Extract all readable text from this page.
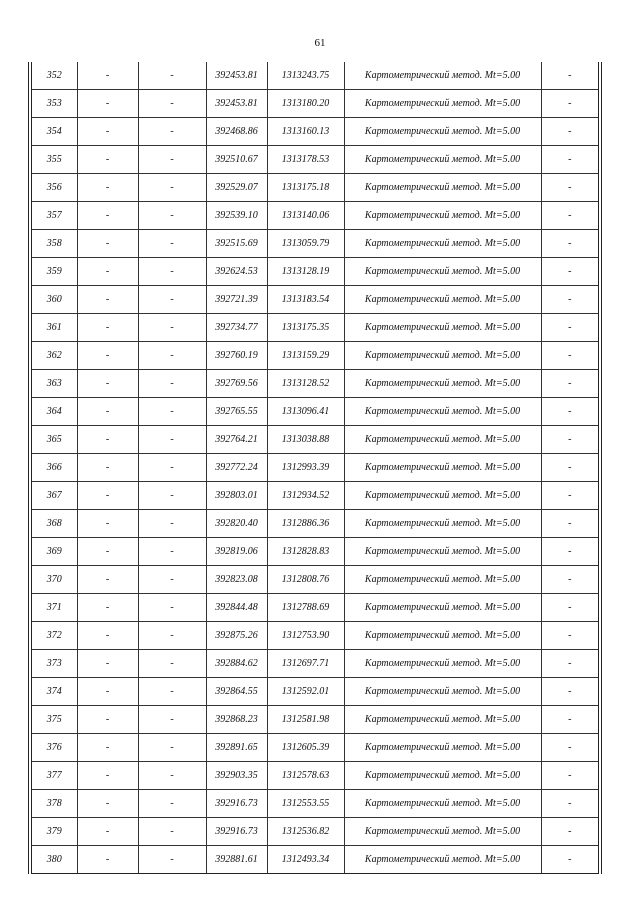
61
352	-	-	392453.81	1313243.75	Картометрический метод. Mt=5.00	-
353	-	-	392453.81	1313180.20	Картометрический метод. Mt=5.00	-
354	-	-	392468.86	1313160.13	Картометрический метод. Mt=5.00	-
355	-	-	392510.67	1313178.53	Картометрический метод. Mt=5.00	-
356	-	-	392529.07	1313175.18	Картометрический метод. Mt=5.00	-
357	-	-	392539.10	1313140.06	Картометрический метод. Mt=5.00	-
358	-	-	392515.69	1313059.79	Картометрический метод. Mt=5.00	-
359	-	-	392624.53	1313128.19	Картометрический метод. Mt=5.00	-
360	-	-	392721.39	1313183.54	Картометрический метод. Mt=5.00	-
361	-	-	392734.77	1313175.35	Картометрический метод. Mt=5.00	-
362	-	-	392760.19	1313159.29	Картометрический метод. Mt=5.00	-
363	-	-	392769.56	1313128.52	Картометрический метод. Mt=5.00	-
364	-	-	392765.55	1313096.41	Картометрический метод. Mt=5.00	-
365	-	-	392764.21	1313038.88	Картометрический метод. Mt=5.00	-
366	-	-	392772.24	1312993.39	Картометрический метод. Mt=5.00	-
367	-	-	392803.01	1312934.52	Картометрический метод. Mt=5.00	-
368	-	-	392820.40	1312886.36	Картометрический метод. Mt=5.00	-
369	-	-	392819.06	1312828.83	Картометрический метод. Mt=5.00	-
370	-	-	392823.08	1312808.76	Картометрический метод. Mt=5.00	-
371	-	-	392844.48	1312788.69	Картометрический метод. Mt=5.00	-
372	-	-	392875.26	1312753.90	Картометрический метод. Mt=5.00	-
373	-	-	392884.62	1312697.71	Картометрический метод. Mt=5.00	-
374	-	-	392864.55	1312592.01	Картометрический метод. Mt=5.00	-
375	-	-	392868.23	1312581.98	Картометрический метод. Mt=5.00	-
376	-	-	392891.65	1312605.39	Картометрический метод. Mt=5.00	-
377	-	-	392903.35	1312578.63	Картометрический метод. Mt=5.00	-
378	-	-	392916.73	1312553.55	Картометрический метод. Mt=5.00	-
379	-	-	392916.73	1312536.82	Картометрический метод. Mt=5.00	-
380	-	-	392881.61	1312493.34	Картометрический метод. Mt=5.00	-
